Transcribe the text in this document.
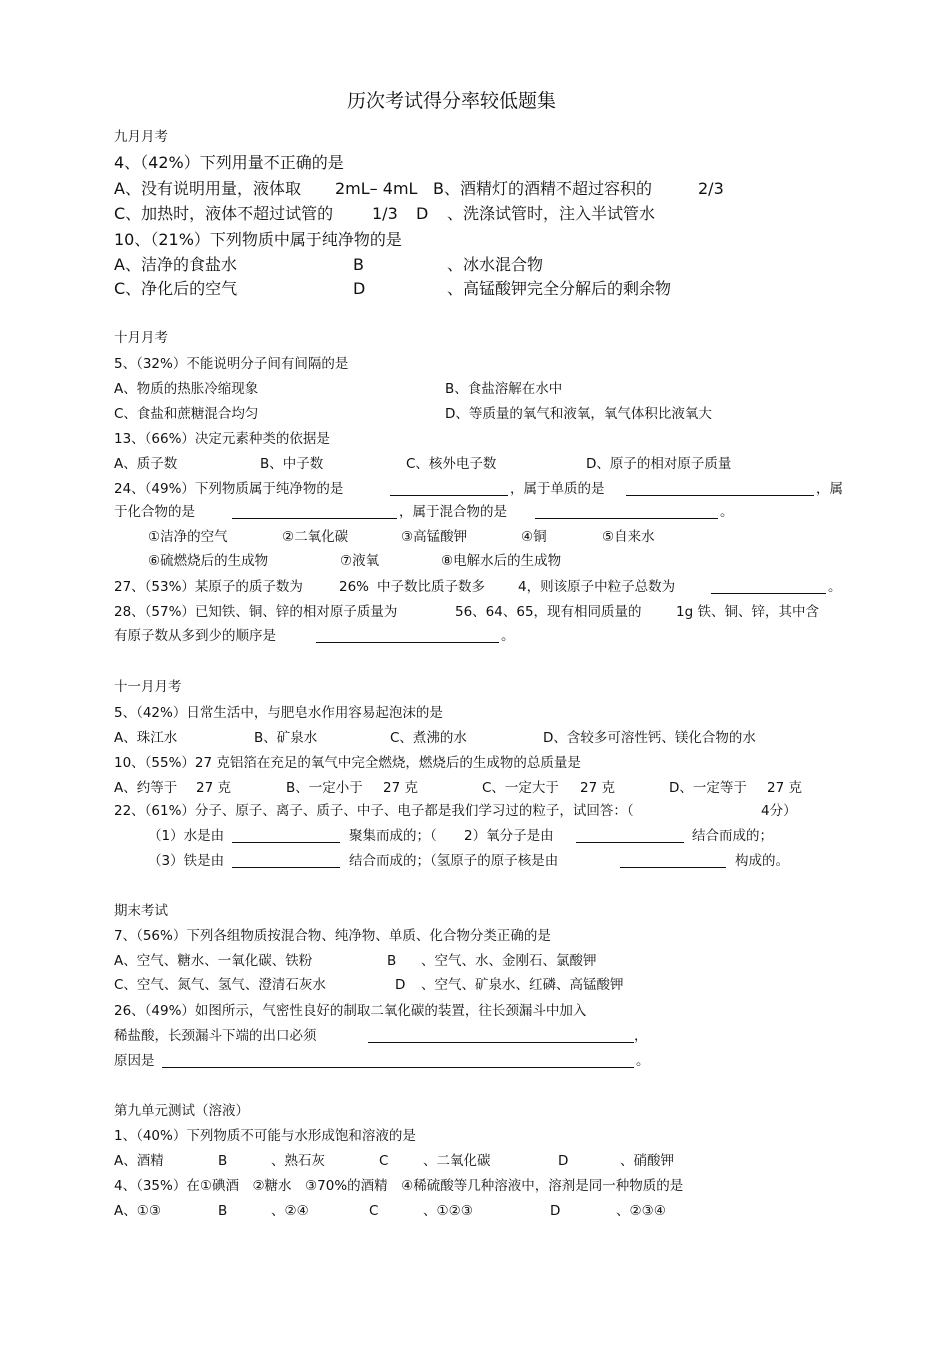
历次考试得分率较低题集
九月月考
4、（42%）下列用量不正确的是
A、没有说明用量，液体取 2mL– 4mL B、酒精灯的酒精不超过容积的	2/3
C、加热时，液体不超过试管的 1/3 D 、洗涤试管时，注入半试管水
10、（21%）下列物质中属于纯净物的是
A、洁净的食盐水	B	、冰水混合物
C、净化后的空气	D	、高锰酸钾完全分解后的剩余物
十月月考
5、（32%）不能说明分子间有间隔的是
A、物质的热胀冷缩现象	B、食盐溶解在水中
C、食盐和蔗糖混合均匀	D、等质量的氧气和液氧，氧气体积比液氧大
13、（66%）决定元素种类的依据是
A、质子数	B、中子数	C、核外电子数	D、原子的相对原子质量
24、（49%）下列物质属于纯净物的是	，属于单质的是	，属
于化合物的是	，属于混合物的是	。
①洁净的空气	②二氧化碳	③高锰酸钾	④铜	⑤自来水
⑥硫燃烧后的生成物	⑦液氧	⑧电解水后的生成物
27、（53%）某原子的质子数为	26% 中子数比质子数多 4，则该原子中粒子总数为	。
28、（57%）已知铁、铜、锌的相对原子质量为	56、64、65，现有相同质量的	1g 铁、铜、锌，其中含
有原子数从多到少的顺序是	。
十一月月考
5、（42%）日常生活中，与肥皂水作用容易起泡沫的是
A、珠江水	B、矿泉水	C、煮沸的水	D、含较多可溶性钙、镁化合物的水
10、（55%）27 克铝箔在充足的氧气中完全燃烧，燃烧后的生成物的总质量是
A、约等于 27 克	B、一定小于 27 克	C、一定大于 27 克	D、一定等于 27 克
22、（61%）分子、原子、离子、质子、中子、电子都是我们学习过的粒子，试回答：（	4分）
（1）水是由	聚集而成的；（ 2）氧分子是由	结合而成的；
（3）铁是由	结合而成的；（氢原子的原子核是由	构成的。
期末考试
7、（56%）下列各组物质按混合物、纯净物、单质、化合物分类正确的是
A、空气、糖水、一氧化碳、铁粉	B 、空气、水、金刚石、氯酸钾
C、空气、氮气、氢气、澄清石灰水	D 、空气、矿泉水、红磷、高锰酸钾
26、（49%）如图所示，气密性良好的制取二氧化碳的装置，往长颈漏斗中加入
稀盐酸，长颈漏斗下端的出口必须	，
原因是	。
第九单元测试（溶液）
1、（40%）下列物质不可能与水形成饱和溶液的是
A、酒精	B	、熟石灰	C	、二氧化碳	D	、硝酸钾
4、（35%）在①碘酒　②糖水　③70%的酒精　④稀硫酸等几种溶液中，溶剂是同一种物质的是
A、①③	B	、②④	C	、①②③	D	、②③④
